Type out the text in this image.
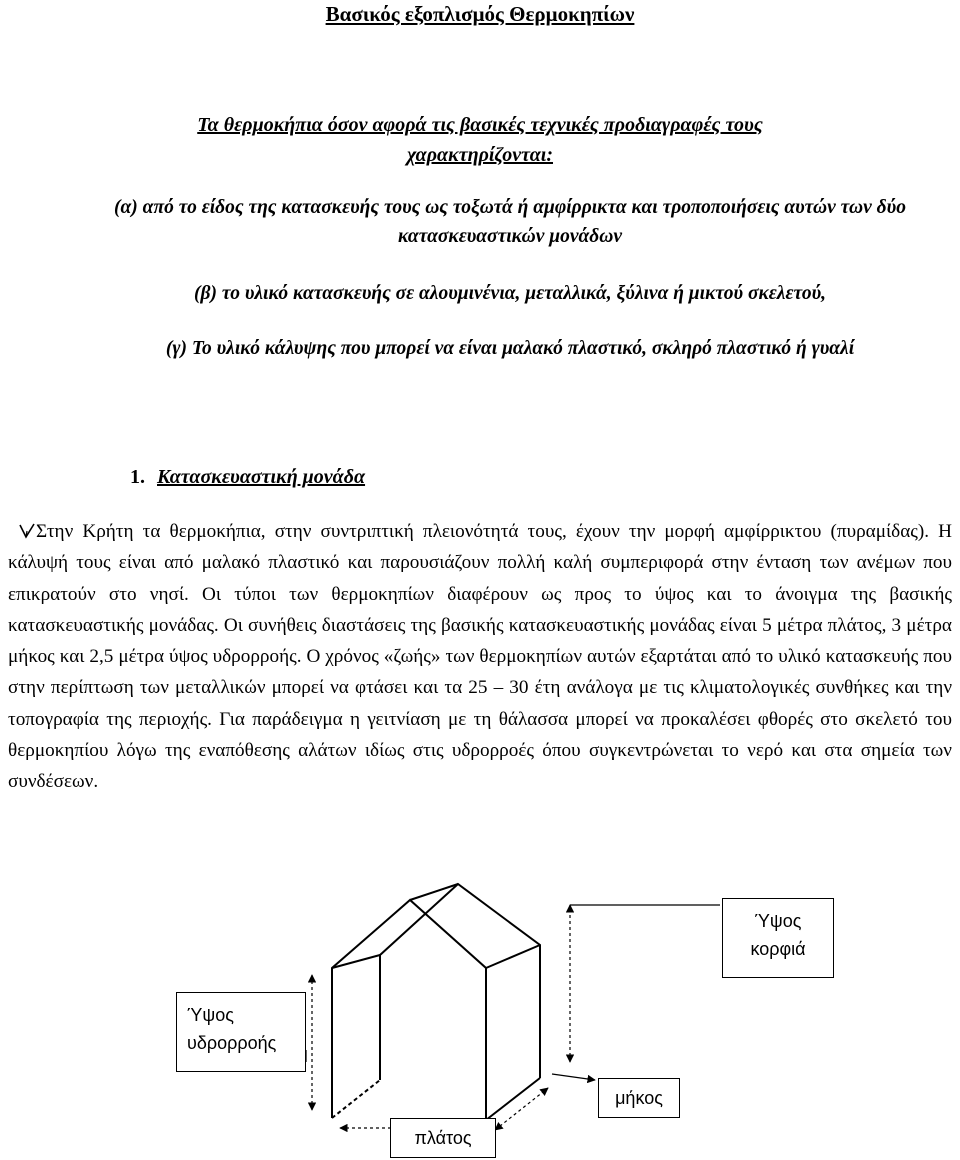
Βασικός εξοπλισμός Θερμοκηπίων

Τα θερμοκήπια όσον αφορά τις βασικές τεχνικές προδιαγραφές τους χαρακτηρίζονται:

(α) από το είδος της κατασκευής τους ως τοξωτά ή αμφίρρικτα και τροποποιήσεις αυτών των δύο κατασκευαστικών μονάδων

(β) το υλικό κατασκευής σε αλουμινένια, μεταλλικά, ξύλινα ή μικτού σκελετού,

(γ) Το υλικό κάλυψης που μπορεί να είναι μαλακό πλαστικό, σκληρό πλαστικό ή γυαλί

1. Κατασκευαστική μονάδα

Στην Κρήτη τα θερμοκήπια, στην συντριπτική πλειονότητά τους, έχουν την μορφή αμφίρρικτου (πυραμίδας). Η κάλυψή τους είναι από μαλακό πλαστικό και παρουσιάζουν πολλή καλή συμπεριφορά στην ένταση των ανέμων που επικρατούν στο νησί. Οι τύποι των θερμοκηπίων διαφέρουν ως προς το ύψος και το άνοιγμα της βασικής κατασκευαστικής μονάδας. Οι συνήθεις διαστάσεις της βασικής κατασκευαστικής μονάδας είναι 5 μέτρα πλάτος, 3 μέτρα μήκος και 2,5 μέτρα ύψος υδρορροής. Ο χρόνος «ζωής» των θερμοκηπίων αυτών εξαρτάται από το υλικό κατασκευής που στην περίπτωση των μεταλλικών μπορεί να φτάσει και τα 25 – 30 έτη ανάλογα με τις κλιματολογικές συνθήκες και την τοπογραφία της περιοχής. Για παράδειγμα η γειτνίαση με τη θάλασσα μπορεί να προκαλέσει φθορές στο σκελετό του θερμοκηπίου λόγω της εναπόθεσης αλάτων ιδίως στις υδρορροές όπου συγκεντρώνεται το νερό και στα σημεία των συνδέσεων.

Ύψος
κορφιά
Ύψος
υδρορροής
μήκος
πλάτος
